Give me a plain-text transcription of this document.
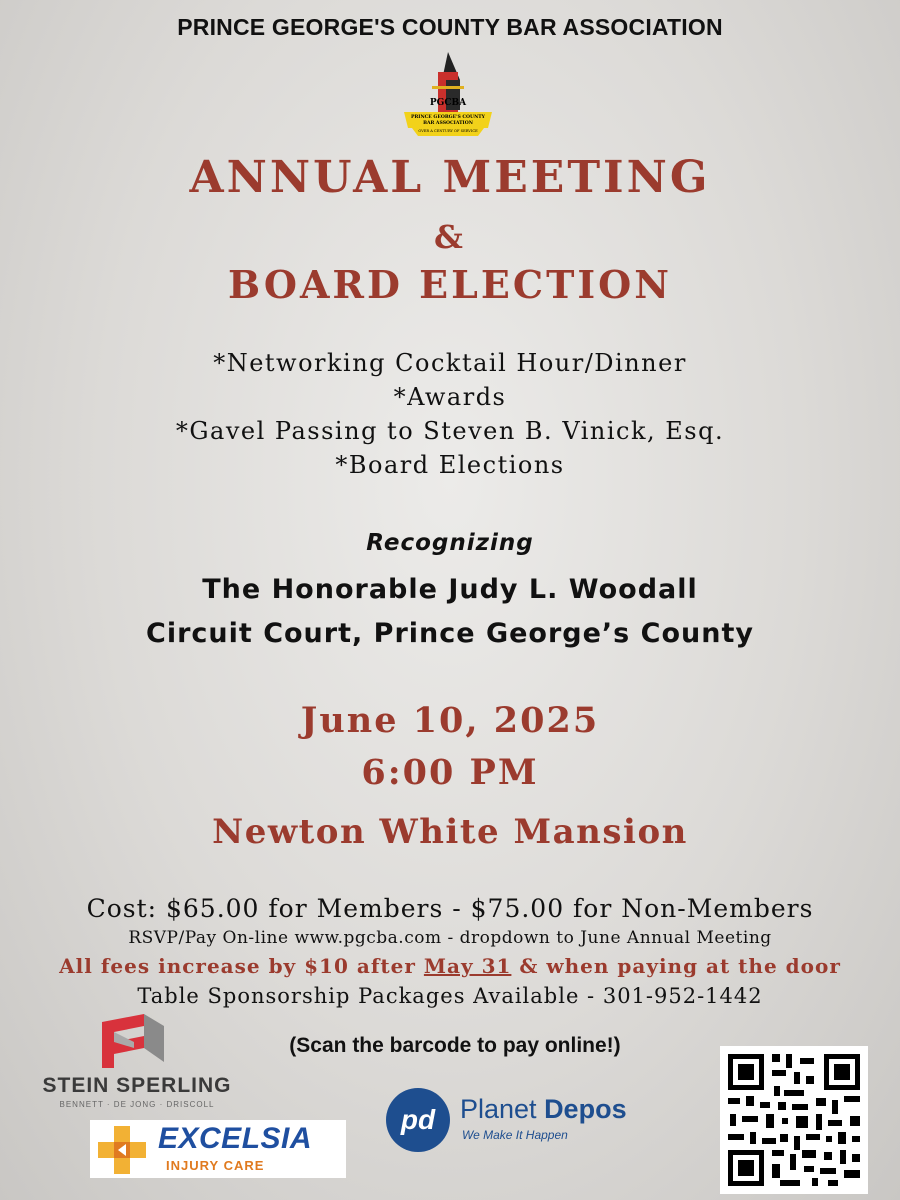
PRINCE GEORGE'S COUNTY BAR ASSOCIATION
PGCBA
PRINCE GEORGE'S COUNTY
BAR ASSOCIATION
OVER A CENTURY OF SERVICE
ANNUAL MEETING
&
BOARD ELECTION
*Networking Cocktail Hour/Dinner
*Awards
*Gavel Passing to Steven B. Vinick, Esq.
*Board Elections
Recognizing
The Honorable Judy L. Woodall
Circuit Court, Prince George’s County
June 10, 2025
6:00 PM
Newton White Mansion
Cost: $65.00 for Members - $75.00 for Non-Members
RSVP/Pay On-line www.pgcba.com - dropdown to June Annual Meeting
All fees increase by $10 after May 31 & when paying at the door
Table Sponsorship Packages Available - 301-952-1442
(Scan the barcode to pay online!)
STEIN SPERLING
BENNETT · DE JONG · DRISCOLL
EXCELSIA
INJURY CARE
pd Planet Depos
We Make It Happen
